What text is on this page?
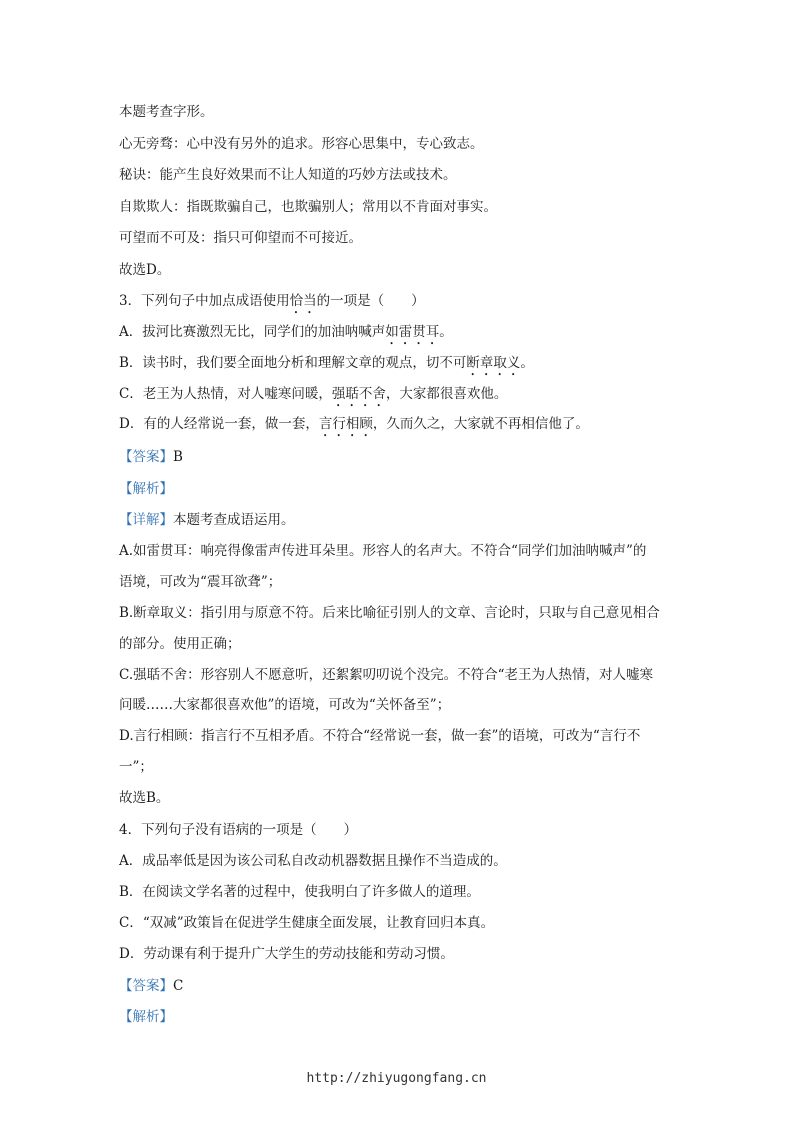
本题考查字形。
心无旁骛：心中没有另外的追求。形容心思集中，专心致志。
秘诀：能产生良好效果而不让人知道的巧妙方法或技术。
自欺欺人：指既欺骗自己，也欺骗别人；常用以不肯面对事实。
可望而不可及：指只可仰望而不可接近。
故选D。
3．下列句子中加点成语使用恰当的一项是（　　）
A．拔河比赛激烈无比，同学们的加油呐喊声如雷贯耳。
B．读书时，我们要全面地分析和理解文章的观点，切不可断章取义。
C．老王为人热情，对人嘘寒问暖，强聒不舍，大家都很喜欢他。
D．有的人经常说一套，做一套，言行相顾，久而久之，大家就不再相信他了。
【答案】B
【解析】
【详解】本题考查成语运用。
A.如雷贯耳：响亮得像雷声传进耳朵里。形容人的名声大。不符合“同学们加油呐喊声”的
语境，可改为“震耳欲聋”；
B.断章取义：指引用与原意不符。后来比喻征引别人的文章、言论时，只取与自己意见相合
的部分。使用正确；
C.强聒不舍：形容别人不愿意听，还絮絮叨叨说个没完。不符合“老王为人热情，对人嘘寒
问暖……大家都很喜欢他”的语境，可改为“关怀备至”；
D.言行相顾：指言行不互相矛盾。不符合“经常说一套，做一套”的语境，可改为“言行不
一”；
故选B。
4．下列句子没有语病的一项是（　　）
A．成品率低是因为该公司私自改动机器数据且操作不当造成的。
B．在阅读文学名著的过程中，使我明白了许多做人的道理。
C．“双减”政策旨在促进学生健康全面发展，让教育回归本真。
D．劳动课有利于提升广大学生的劳动技能和劳动习惯。
【答案】C
【解析】
http://zhiyugongfang.cn
